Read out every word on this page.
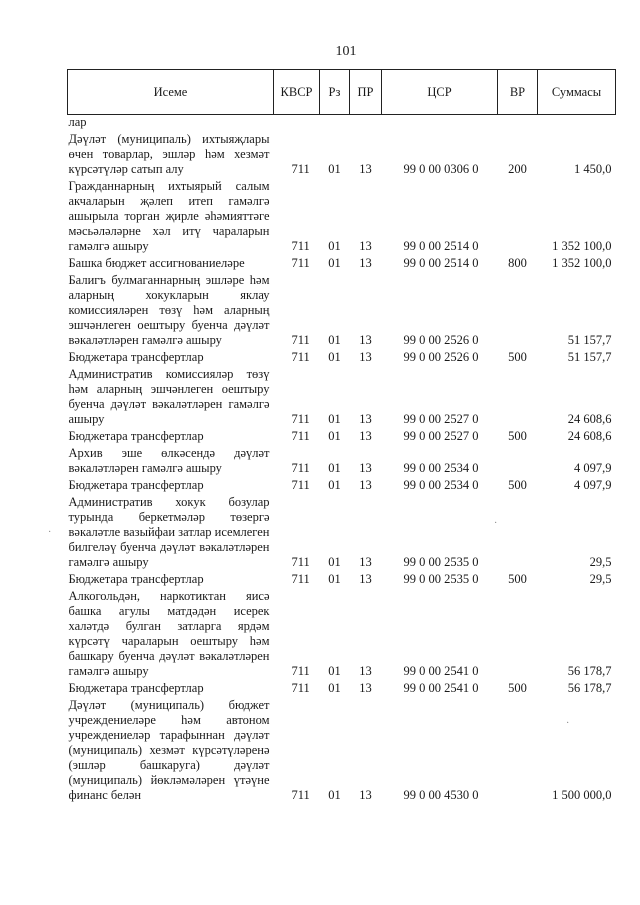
101
Исеме	КВСР	Рз	ПР	ЦСР	ВР	Суммасы

лар						

Дәүләт (муниципаль) ихтыяҗлары өчен товарлар, эшләр һәм хезмәт күрсәтүләр сатып алу	711	01	13	99 0 00 0306 0	200	1 450,0

Гражданнарның ихтыярый салым акчаларын җәлеп итеп гамәлгә ашырыла торган җирле әһәмияттәге мәсьәләләрне хәл итү чараларын гамәлгә ашыру	711	01	13	99 0 00 2514 0		1 352 100,0

Башка бюджет ассигнованиеләре	711	01	13	99 0 00 2514 0	800	1 352 100,0

Балигъ булмаганнарның эшләре һәм аларның хокукларын яклау комиссияләрен төзү һәм аларның эшчәнлеген оештыру буенча дәүләт вәкаләтләрен гамәлгә ашыру	711	01	13	99 0 00 2526 0		51 157,7

Бюджетара трансфертлар	711	01	13	99 0 00 2526 0	500	51 157,7

Административ комиссияләр төзү һәм аларның эшчәнлеген оештыру буенча дәүләт вәкаләтләрен гамәлгә ашыру	711	01	13	99 0 00 2527 0		24 608,6

Бюджетара трансфертлар	711	01	13	99 0 00 2527 0	500	24 608,6

Архив эше өлкәсендә дәүләт вәкаләтләрен гамәлгә ашыру	711	01	13	99 0 00 2534 0		4 097,9

Бюджетара трансфертлар	711	01	13	99 0 00 2534 0	500	4 097,9

Административ хокук бозулар турында беркетмәләр төзергә вәкаләтле вазыйфаи затлар исемлеген билгеләү буенча дәүләт вәкаләтләрен гамәлгә ашыру	711	01	13	99 0 00 2535 0		29,5

Бюджетара трансфертлар	711	01	13	99 0 00 2535 0	500	29,5

Алкогольдән, наркотиктан яисә башка агулы матдәдән исерек халәтдә булган затларга ярдәм күрсәтү чараларын оештыру һәм башкару буенча дәүләт вәкаләтләрен гамәлгә ашыру	711	01	13	99 0 00 2541 0		56 178,7

Бюджетара трансфертлар	711	01	13	99 0 00 2541 0	500	56 178,7

Дәүләт (муниципаль) бюджет учреждениеләре һәм автоном учреждениеләр тарафыннан дәүләт (муниципаль) хезмәт күрсәтүләренә (эшләр башкаруга) дәүләт (муниципаль) йөкләмәләрен үтәүне финанс белән	711	01	13	99 0 00 4530 0		1 500 000,0
·
·
·
